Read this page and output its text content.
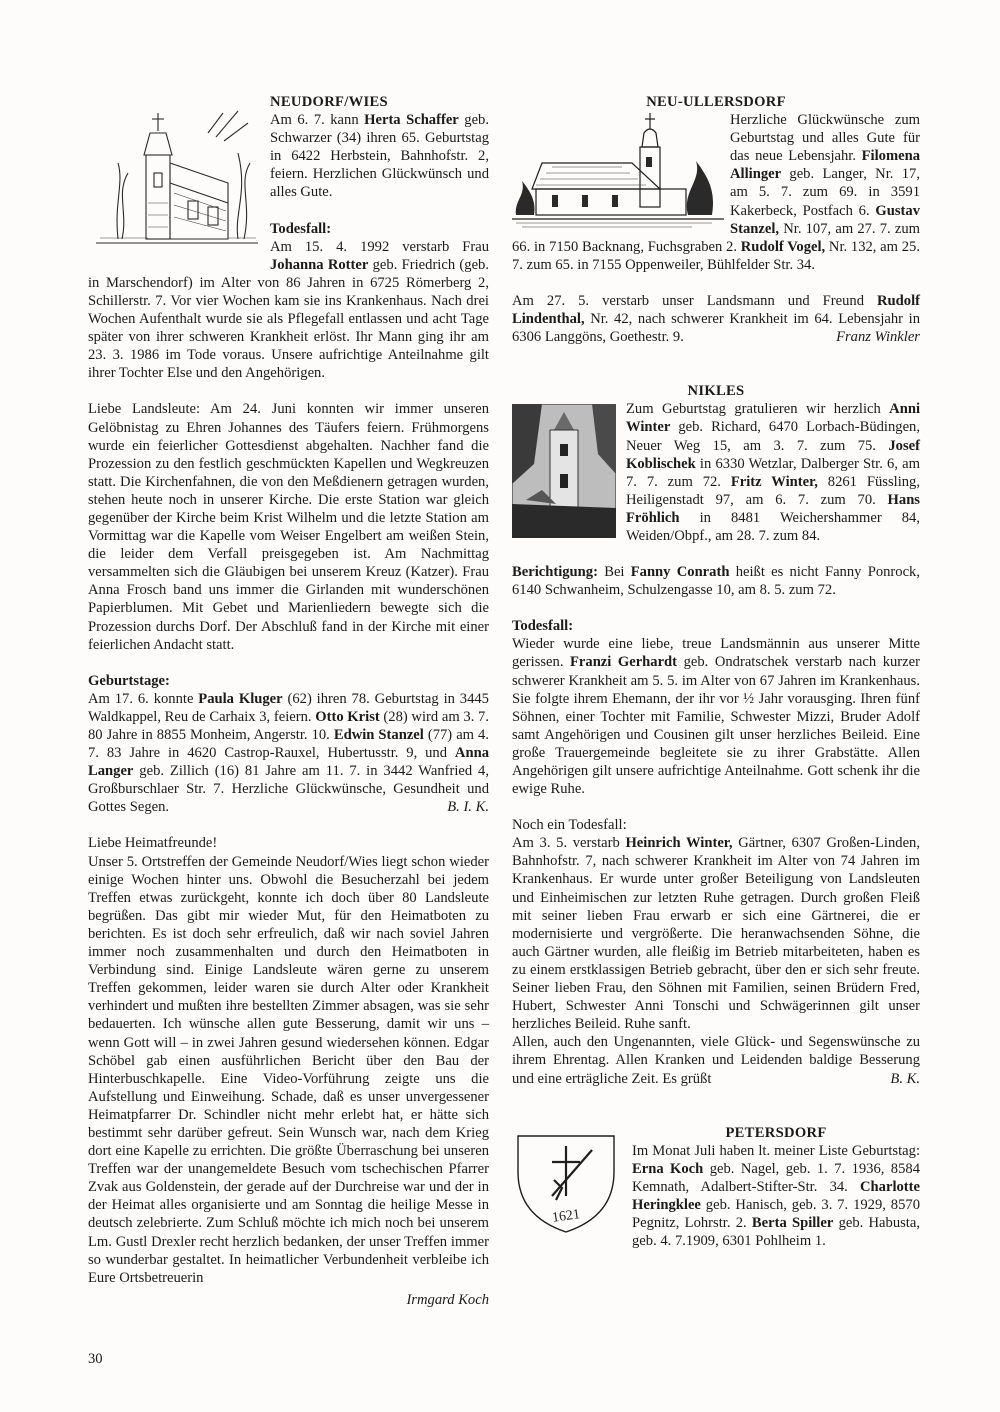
NEUDORF/WIES

Am 6. 7. kann Herta Schaffer geb. Schwarzer (34) ihren 65. Geburtstag in 6422 Herbstein, Bahnhofstr. 2, feiern. Herzlichen Glückwünsch und alles Gute.

Todesfall:

Am 15. 4. 1992 verstarb Frau Johanna Rotter geb. Friedrich (geb. in Marschendorf) im Alter von 86 Jahren in 6725 Römerberg 2, Schillerstr. 7. Vor vier Wochen kam sie ins Krankenhaus. Nach drei Wochen Aufenthalt wurde sie als Pflegefall entlassen und acht Tage später von ihrer schweren Krankheit erlöst. Ihr Mann ging ihr am 23. 3. 1986 im Tode voraus. Unsere aufrichtige Anteilnahme gilt ihrer Tochter Else und den Angehörigen.

Liebe Landsleute: Am 24. Juni konnten wir immer unseren Gelöbnistag zu Ehren Johannes des Täufers feiern. Frühmorgens wurde ein feierlicher Gottesdienst abgehalten. Nachher fand die Prozession zu den festlich geschmückten Kapellen und Wegkreuzen statt. Die Kirchenfahnen, die von den Meßdienern getragen wurden, stehen heute noch in unserer Kirche. Die erste Station war gleich gegenüber der Kirche beim Krist Wilhelm und die letzte Station am Vormittag war die Kapelle vom Weiser Engelbert am weißen Stein, die leider dem Verfall preisgegeben ist. Am Nachmittag versammelten sich die Gläubigen bei unserem Kreuz (Katzer). Frau Anna Frosch band uns immer die Girlanden mit wunderschönen Papierblumen. Mit Gebet und Marienliedern bewegte sich die Prozession durchs Dorf. Der Abschluß fand in der Kirche mit einer feierlichen Andacht statt.

Geburtstage:

Am 17. 6. konnte Paula Kluger (62) ihren 78. Geburtstag in 3445 Waldkappel, Reu de Carhaix 3, feiern. Otto Krist (28) wird am 3. 7. 80 Jahre in 8855 Monheim, Angerstr. 10. Edwin Stanzel (77) am 4. 7. 83 Jahre in 4620 Castrop-Rauxel, Hubertusstr. 9, und Anna Langer geb. Zillich (16) 81 Jahre am 11. 7. in 3442 Wanfried 4, Großburschlaer Str. 7. Herzliche Glückwünsche, Gesundheit und Gottes Segen.	B. I. K.

Liebe Heimatfreunde!

Unser 5. Ortstreffen der Gemeinde Neudorf/Wies liegt schon wieder einige Wochen hinter uns. Obwohl die Besucherzahl bei jedem Treffen etwas zurückgeht, konnte ich doch über 80 Landsleute begrüßen. Das gibt mir wieder Mut, für den Heimatboten zu berichten. Es ist doch sehr erfreulich, daß wir nach soviel Jahren immer noch zusammenhalten und durch den Heimatboten in Verbindung sind. Einige Landsleute wären gerne zu unserem Treffen gekommen, leider waren sie durch Alter oder Krankheit verhindert und mußten ihre bestellten Zimmer absagen, was sie sehr bedauerten. Ich wünsche allen gute Besserung, damit wir uns – wenn Gott will – in zwei Jahren gesund wiedersehen können. Edgar Schöbel gab einen ausführlichen Bericht über den Bau der Hinterbuschkapelle. Eine Video-Vorführung zeigte uns die Aufstellung und Einweihung. Schade, daß es unser unvergessener Heimatpfarrer Dr. Schindler nicht mehr erlebt hat, er hätte sich bestimmt sehr darüber gefreut. Sein Wunsch war, nach dem Krieg dort eine Kapelle zu errichten. Die größte Überraschung bei unseren Treffen war der unangemeldete Besuch vom tschechischen Pfarrer Zvak aus Goldenstein, der gerade auf der Durchreise war und der in der Heimat alles organisierte und am Sonntag die heilige Messe in deutsch zelebrierte. Zum Schluß möchte ich mich noch bei unserem Lm. Gustl Drexler recht herzlich bedanken, der unser Treffen immer so wunderbar gestaltet. In heimatlicher Verbundenheit verbleibe ich Eure Ortsbetreuerin

Irmgard Koch

NEU-ULLERSDORF

Herzliche Glückwünsche zum Geburtstag und alles Gute für das neue Lebensjahr. Filomena Allinger geb. Langer, Nr. 17, am 5. 7. zum 69. in 3591 Kakerbeck, Postfach 6. Gustav Stanzel, Nr. 107, am 27. 7. zum 66. in 7150 Backnang, Fuchsgraben 2. Rudolf Vogel, Nr. 132, am 25. 7. zum 65. in 7155 Oppenweiler, Bühlfelder Str. 34.

Am 27. 5. verstarb unser Landsmann und Freund Rudolf Lindenthal, Nr. 42, nach schwerer Krankheit im 64. Lebensjahr in 6306 Langgöns, Goethestr. 9.	Franz Winkler

NIKLES

Zum Geburtstag gratulieren wir herzlich Anni Winter geb. Richard, 6470 Lorbach-Büdingen, Neuer Weg 15, am 3. 7. zum 75. Josef Koblischek in 6330 Wetzlar, Dalberger Str. 6, am 7. 7. zum 72. Fritz Winter, 8261 Füssling, Heiligenstadt 97, am 6. 7. zum 70. Hans Fröhlich in 8481 Weichershammer 84, Weiden/Obpf., am 28. 7. zum 84.

Berichtigung: Bei Fanny Conrath heißt es nicht Fanny Ponrock, 6140 Schwanheim, Schulzengasse 10, am 8. 5. zum 72.

Todesfall:

Wieder wurde eine liebe, treue Landsmännin aus unserer Mitte gerissen. Franzi Gerhardt geb. Ondratschek verstarb nach kurzer schwerer Krankheit am 5. 5. im Alter von 67 Jahren im Krankenhaus. Sie folgte ihrem Ehemann, der ihr vor ½ Jahr vorausging. Ihren fünf Söhnen, einer Tochter mit Familie, Schwester Mizzi, Bruder Adolf samt Angehörigen und Cousinen gilt unser herzliches Beileid. Eine große Trauergemeinde begleitete sie zu ihrer Grabstätte. Allen Angehörigen gilt unsere aufrichtige Anteilnahme. Gott schenk ihr die ewige Ruhe.

Noch ein Todesfall:

Am 3. 5. verstarb Heinrich Winter, Gärtner, 6307 Großen-Linden, Bahnhofstr. 7, nach schwerer Krankheit im Alter von 74 Jahren im Krankenhaus. Er wurde unter großer Beteiligung von Landsleuten und Einheimischen zur letzten Ruhe getragen. Durch großen Fleiß mit seiner lieben Frau erwarb er sich eine Gärtnerei, die er modernisierte und vergrößerte. Die heranwachsenden Söhne, die auch Gärtner wurden, alle fleißig im Betrieb mitarbeiteten, haben es zu einem erstklassigen Betrieb gebracht, über den er sich sehr freute. Seiner lieben Frau, den Söhnen mit Familien, seinen Brüdern Fred, Hubert, Schwester Anni Tonschi und Schwägerinnen gilt unser herzliches Beileid. Ruhe sanft.

Allen, auch den Ungenannten, viele Glück- und Segenswünsche zu ihrem Ehrentag. Allen Kranken und Leidenden baldige Besserung und eine erträgliche Zeit. Es grüßt	B. K.

1621
PETERSDORF

Im Monat Juli haben lt. meiner Liste Geburtstag: Erna Koch geb. Nagel, geb. 1. 7. 1936, 8584 Kemnath, Adalbert-Stifter-Str. 34. Charlotte Heringklee geb. Hanisch, geb. 3. 7. 1929, 8570 Pegnitz, Lohrstr. 2. Berta Spiller geb. Habusta, geb. 4. 7.1909, 6301 Pohlheim 1.

30
